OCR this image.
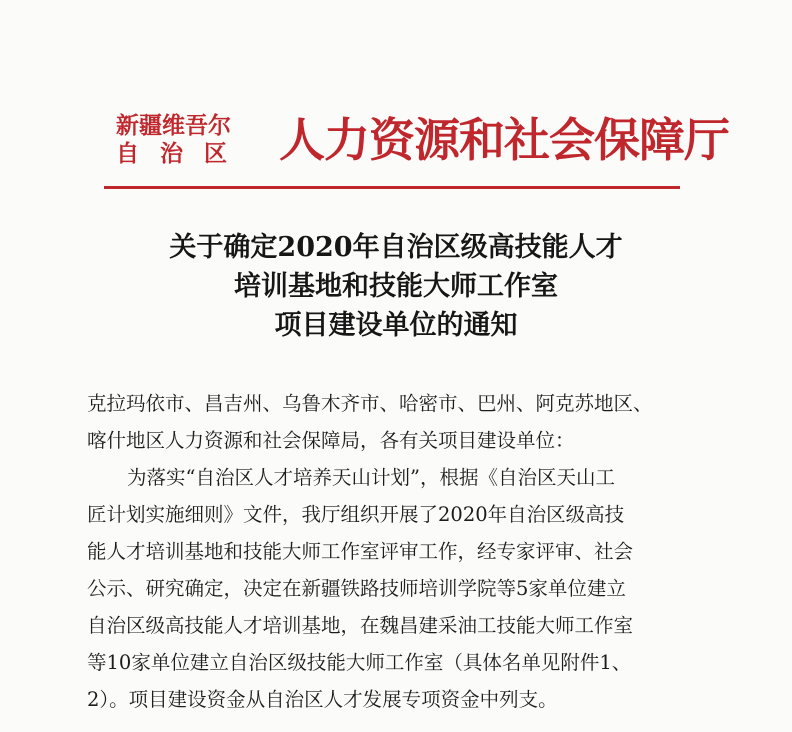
新疆维吾尔
自治区 人力资源和社会保障厅
关于确定2020年自治区级高技能人才
培训基地和技能大师工作室
项目建设单位的通知
克拉玛依市、昌吉州、乌鲁木齐市、哈密市、巴州、阿克苏地区、
喀什地区人力资源和社会保障局，各有关项目建设单位：
为落实“自治区人才培养天山计划”，根据《自治区天山工
匠计划实施细则》文件，我厅组织开展了2020年自治区级高技
能人才培训基地和技能大师工作室评审工作，经专家评审、社会
公示、研究确定，决定在新疆铁路技师培训学院等5家单位建立
自治区级高技能人才培训基地，在魏昌建采油工技能大师工作室
等10家单位建立自治区级技能大师工作室（具体名单见附件1、
2）。项目建设资金从自治区人才发展专项资金中列支。
